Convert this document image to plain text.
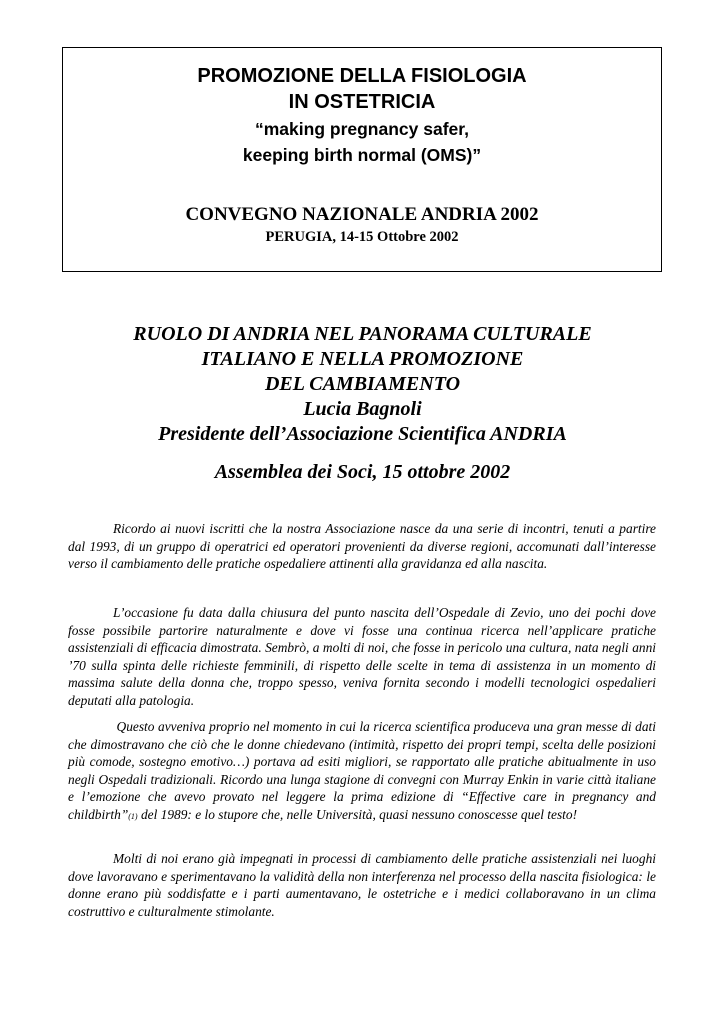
PROMOZIONE DELLA FISIOLOGIA

IN OSTETRICIA

“making pregnancy safer,

keeping birth normal (OMS)”

CONVEGNO NAZIONALE ANDRIA 2002

PERUGIA, 14-15 Ottobre 2002

RUOLO DI ANDRIA NEL PANORAMA CULTURALE

ITALIANO E NELLA PROMOZIONE

DEL CAMBIAMENTO

Lucia Bagnoli

Presidente dell’Associazione Scientifica ANDRIA

Assemblea dei Soci, 15 ottobre 2002

Ricordo ai nuovi iscritti che la nostra Associazione nasce da una serie di incontri, tenuti a partire dal 1993, di un gruppo di operatrici ed operatori provenienti da diverse regioni, accomunati dall’interesse verso il cambiamento delle pratiche ospedaliere attinenti alla gravidanza ed alla nascita.

L’occasione fu data dalla chiusura del punto nascita dell’Ospedale di Zevio, uno dei pochi dove fosse possibile partorire naturalmente e dove vi fosse una continua ricerca nell’applicare pratiche assistenziali di efficacia dimostrata. Sembrò, a molti di noi, che fosse in pericolo una cultura, nata negli anni ’70 sulla spinta delle richieste femminili, di rispetto delle scelte in tema di assistenza in un momento di massima salute della donna che, troppo spesso, veniva fornita secondo i modelli tecnologici ospedalieri deputati alla patologia.

Questo avveniva proprio nel momento in cui la ricerca scientifica produceva una gran messe di dati che dimostravano che ciò che le donne chiedevano (intimità, rispetto dei propri tempi, scelta delle posizioni più comode, sostegno emotivo…) portava ad esiti migliori, se rapportato alle pratiche abitualmente in uso negli Ospedali tradizionali. Ricordo una lunga stagione di convegni con Murray Enkin in varie città italiane e l’emozione che avevo provato nel leggere la prima edizione di “Effective care in pregnancy and childbirth”(1) del 1989: e lo stupore che, nelle Università, quasi nessuno conoscesse quel testo!

Molti di noi erano già impegnati in processi di cambiamento delle pratiche assistenziali nei luoghi dove lavoravano e sperimentavano la validità della non interferenza nel processo della nascita fisiologica: le donne erano più soddisfatte e i parti aumentavano, le ostetriche e i medici collaboravano in un clima costruttivo e culturalmente stimolante.
